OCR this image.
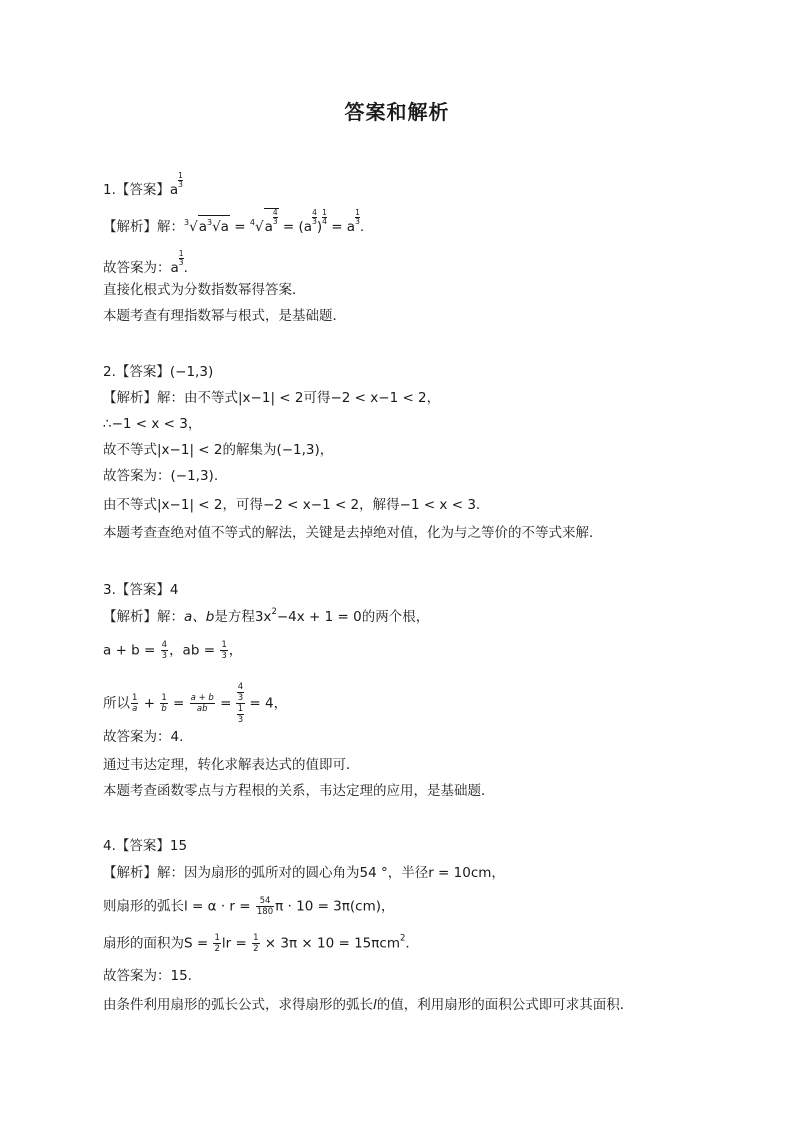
答案和解析
1.【答案】a
$\frac{1}{3}$
【解析】解：$^3√a^3√a = ^4√a$
$\frac{4}{3}$
= (a
$\frac{4}{3}$
)
$\frac{1}{4}$
= a
$\frac{1}{3}$
.
故答案为：a
$\frac{1}{3}$
.
直接化根式为分数指数幂得答案．
本题考查有理指数幂与根式，是基础题．
2.【答案】(−1,3)
【解析】解：由不等式|x−1| < 2可得−2 < x−1 < 2，
∴−1 < x < 3，
故不等式|x−1| < 2的解集为(−1,3)，
故答案为：(−1,3).
由不等式|x−1| < 2，可得−2 < x−1 < 2，解得−1 < x < 3.
本题考查查绝对值不等式的解法，关键是去掉绝对值，化为与之等价的不等式来解．
3.【答案】4
【解析】解：a、b是方程$3x^2-4x + 1 = 0$的两个根，
$a + b = \frac{4}{3}$ ，ab = $\frac{1}{3}$ ，
所以 $\frac{1}{a} + \frac{1}{b} = \frac{a + b}{ab} = \frac{\frac{4}{3}}{\frac{1}{3}} = 4$，
故答案为：4.
通过韦达定理，转化求解表达式的值即可．
本题考查函数零点与方程根的关系，韦达定理的应用，是基础题．
4.【答案】15
【解析】解：因为扇形的弧所对的圆心角为54 °，半径r = 10cm，
则扇形的弧长$l = \alpha \cdot r = \frac{54}{180}$ π · 10 = 3π(cm)，
扇形的面积为$S = \frac{1}{2}$ lr = $\frac{1}{2} \times 3\pi \times 10 = 15\pi cm^2$.
故答案为：15.
由条件利用扇形的弧长公式，求得扇形的弧长l的值，利用扇形的面积公式即可求其面积．
